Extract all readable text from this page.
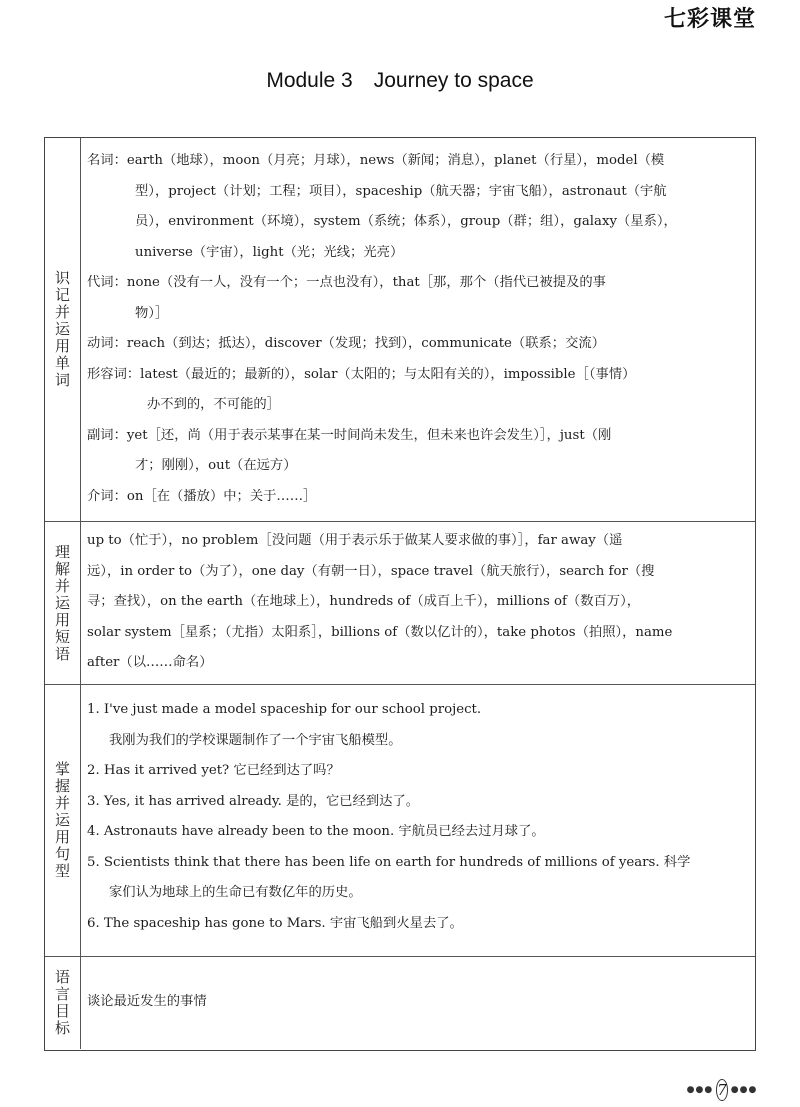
七彩课堂
Module 3　Journey to space
识记并运用单词
名词：earth（地球），moon（月亮；月球），news（新闻；消息），planet（行星），model（模
型），project（计划；工程；项目），spaceship（航天器；宇宙飞船），astronaut（宇航
员），environment（环境），system（系统；体系），group（群；组），galaxy（星系），
universe（宇宙），light（光；光线；光亮）
代词：none（没有一人，没有一个；一点也没有），that［那，那个（指代已被提及的事
物）］
动词：reach（到达；抵达），discover（发现；找到），communicate（联系；交流）
形容词：latest（最近的；最新的），solar（太阳的；与太阳有关的），impossible［（事情）
办不到的，不可能的］
副词：yet［还，尚（用于表示某事在某一时间尚未发生，但未来也许会发生）］，just（刚
才；刚刚），out（在远方）
介词：on［在（播放）中；关于……］
理解并运用短语
up to（忙于），no problem［没问题（用于表示乐于做某人要求做的事）］，far away（遥
远），in order to（为了），one day（有朝一日），space travel（航天旅行），search for（搜
寻；查找），on the earth（在地球上），hundreds of（成百上千），millions of（数百万），
solar system［星系；（尤指）太阳系］，billions of（数以亿计的），take photos（拍照），name
after（以……命名）
掌握并运用句型
1. I've just made a model spaceship for our school project.
我刚为我们的学校课题制作了一个宇宙飞船模型。
2. Has it arrived yet? 它已经到达了吗？
3. Yes, it has arrived already. 是的，它已经到达了。
4. Astronauts have already been to the moon. 宇航员已经去过月球了。
5. Scientists think that there has been life on earth for hundreds of millions of years. 科学
家们认为地球上的生命已有数亿年的历史。
6. The spaceship has gone to Mars. 宇宙飞船到火星去了。
语言目标 谈论最近发生的事情
●●● 7 ●●●
